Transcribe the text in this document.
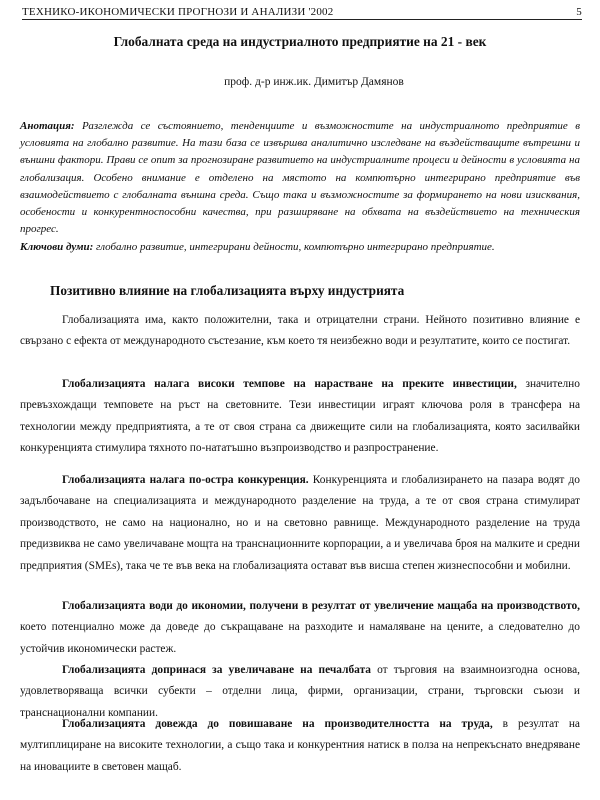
ТЕХНИКО-ИКОНОМИЧЕСКИ ПРОГНОЗИ И АНАЛИЗИ '2002	5
Глобалната среда на индустриалното предприятие на 21 - век
проф. д-р инж.ик. Димитър Дамянов
Анотация: Разглежда се състоянието, тенденциите и възможностите на индустриалното предприятие в условията на глобално развитие. На тази база се извършва аналитично изследване на въздействащите вътрешни и външни фактори. Прави се опит за прогнозиране развитието на индустриалните процеси и дейности в условията на глобализация. Особено внимание е отделено на мястото на компютърно интегрирано предприятие във взаимодействието с глобалната външна среда. Също така и възможностите за формирането на нови изисквания, особености и конкурентноспособни качества, при разширяване на обхвата на въздействието на техническия прогрес.
Ключови думи: глобално развитие, интегрирани дейности, компютърно интегрирано предприятие.
Позитивно влияние на глобализацията върху индустрията
Глобализацията има, както положителни, така и отрицателни страни. Нейното позитивно влияние е свързано с ефекта от международното състезание, към което тя неизбежно води и резултатите, които се постигат.
Глобализацията налага високи темпове на нарастване на преките инвестиции, значително превъзхождащи темповете на ръст на световните. Тези инвестиции играят ключова роля в трансфера на технологии между предприятията, а те от своя страна са движещите сили на глобализацията, която засилвайки конкуренцията стимулира тяхното по-нататъшно възпроизводство и разпространение.
Глобализацията налага по-остра конкуренция. Конкуренцията и глобализирането на пазара водят до задълбочаване на специализацията и международното разделение на труда, а те от своя страна стимулират производството, не само на национално, но и на световно равнище. Международното разделение на труда предизвиква не само увеличаване мощта на транснационните корпорации, а и увеличава броя на малките и средни предприятия (SMEs), така че те във века на глобализацията остават във висша степен жизнеспособни и мобилни.
Глобализацията води до икономии, получени в резултат от увеличение мащаба на производството, което потенциално може да доведе до съкращаване на разходите и намаляване на цените, а следователно до устойчив икономически растеж.
Глобализацията допринася за увеличаване на печалбата от търговия на взаимноизгодна основа, удовлетворяваща всички субекти – отделни лица, фирми, организации, страни, търговски съюзи и транснационални компании.
Глобализацията довежда до повишаване на производителността на труда, в резултат на мултиплициране на високите технологии, а също така и конкурентния натиск в полза на непрекъснато внедряване на иновациите в световен мащаб.
